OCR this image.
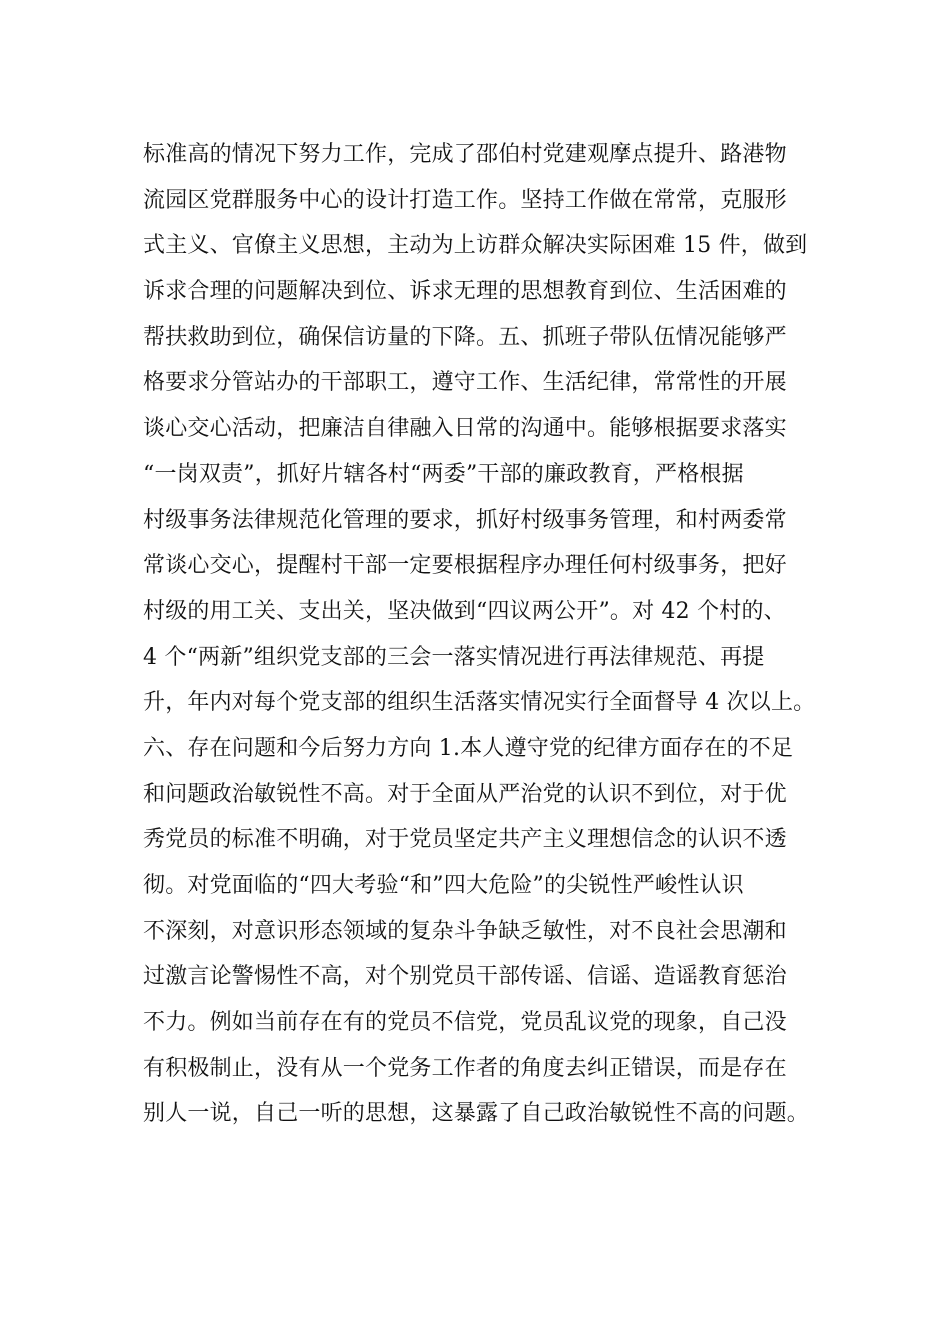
标准高的情况下努力工作，完成了邵伯村党建观摩点提升、路港物
流园区党群服务中心的设计打造工作。坚持工作做在常常，克服形
式主义、官僚主义思想，主动为上访群众解决实际困难 15 件，做到
诉求合理的问题解决到位、诉求无理的思想教育到位、生活困难的
帮扶救助到位，确保信访量的下降。五、抓班子带队伍情况能够严
格要求分管站办的干部职工，遵守工作、生活纪律，常常性的开展
谈心交心活动，把廉洁自律融入日常的沟通中。能够根据要求落实
“一岗双责”，抓好片辖各村“两委”干部的廉政教育，严格根据
村级事务法律规范化管理的要求，抓好村级事务管理，和村两委常
常谈心交心，提醒村干部一定要根据程序办理任何村级事务，把好
村级的用工关、支出关，坚决做到“四议两公开”。对 42 个村的、
4 个“两新”组织党支部的三会一落实情况进行再法律规范、再提
升，年内对每个党支部的组织生活落实情况实行全面督导 4 次以上。
六、存在问题和今后努力方向 1.本人遵守党的纪律方面存在的不足
和问题政治敏锐性不高。对于全面从严治党的认识不到位，对于优
秀党员的标准不明确，对于党员坚定共产主义理想信念的认识不透
彻。对党面临的“四大考验“和”四大危险”的尖锐性严峻性认识
不深刻，对意识形态领域的复杂斗争缺乏敏性，对不良社会思潮和
过激言论警惕性不高，对个别党员干部传谣、信谣、造谣教育惩治
不力。例如当前存在有的党员不信党，党员乱议党的现象，自己没
有积极制止，没有从一个党务工作者的角度去纠正错误，而是存在
别人一说，自己一听的思想，这暴露了自己政治敏锐性不高的问题。
